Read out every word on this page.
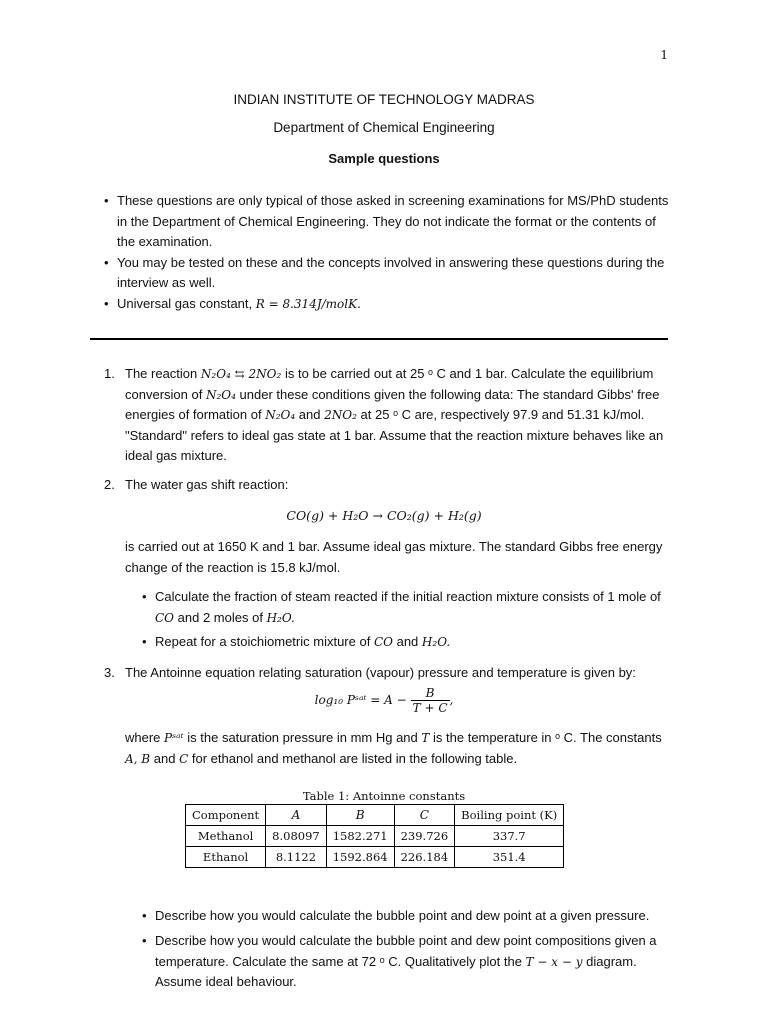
1
INDIAN INSTITUTE OF TECHNOLOGY MADRAS
Department of Chemical Engineering
Sample questions
• These questions are only typical of those asked in screening examinations for MS/PhD students in the Department of Chemical Engineering. They do not indicate the format or the contents of the examination.
• You may be tested on these and the concepts involved in answering these questions during the interview as well.
• Universal gas constant, R = 8.314J/molK.
1. The reaction N₂O₄ ⇆ 2NO₂ is to be carried out at 25 ᵒ C and 1 bar. Calculate the equilibrium conversion of N₂O₄ under these conditions given the following data: The standard Gibbs' free energies of formation of N₂O₄ and 2NO₂ at 25 ᵒ C are, respectively 97.9 and 51.31 kJ/mol. "Standard" refers to ideal gas state at 1 bar. Assume that the reaction mixture behaves like an ideal gas mixture.
2. The water gas shift reaction:
CO(g) + H₂O → CO₂(g) + H₂(g)
is carried out at 1650 K and 1 bar. Assume ideal gas mixture. The standard Gibbs free energy change of the reaction is 15.8 kJ/mol.
• Calculate the fraction of steam reacted if the initial reaction mixture consists of 1 mole of CO and 2 moles of H₂O.
• Repeat for a stoichiometric mixture of CO and H₂O.
3. The Antoinne equation relating saturation (vapour) pressure and temperature is given by:
log₁₀ Pˢᵃᵗ = $A - \frac{B}{T + C}$ ,
where Pˢᵃᵗ is the saturation pressure in mm Hg and T is the temperature in ᵒ C. The constants A, B and C for ethanol and methanol are listed in the following table.
Table 1: Antoinne constants
Component	A	B	C	Boiling point (K)
Methanol	8.08097	1582.271	239.726	337.7
Ethanol	8.1122	1592.864	226.184	351.4
• Describe how you would calculate the bubble point and dew point at a given pressure.
• Describe how you would calculate the bubble point and dew point compositions given a temperature. Calculate the same at 72 ᵒ C. Qualitatively plot the T − x − y diagram. Assume ideal behaviour.
